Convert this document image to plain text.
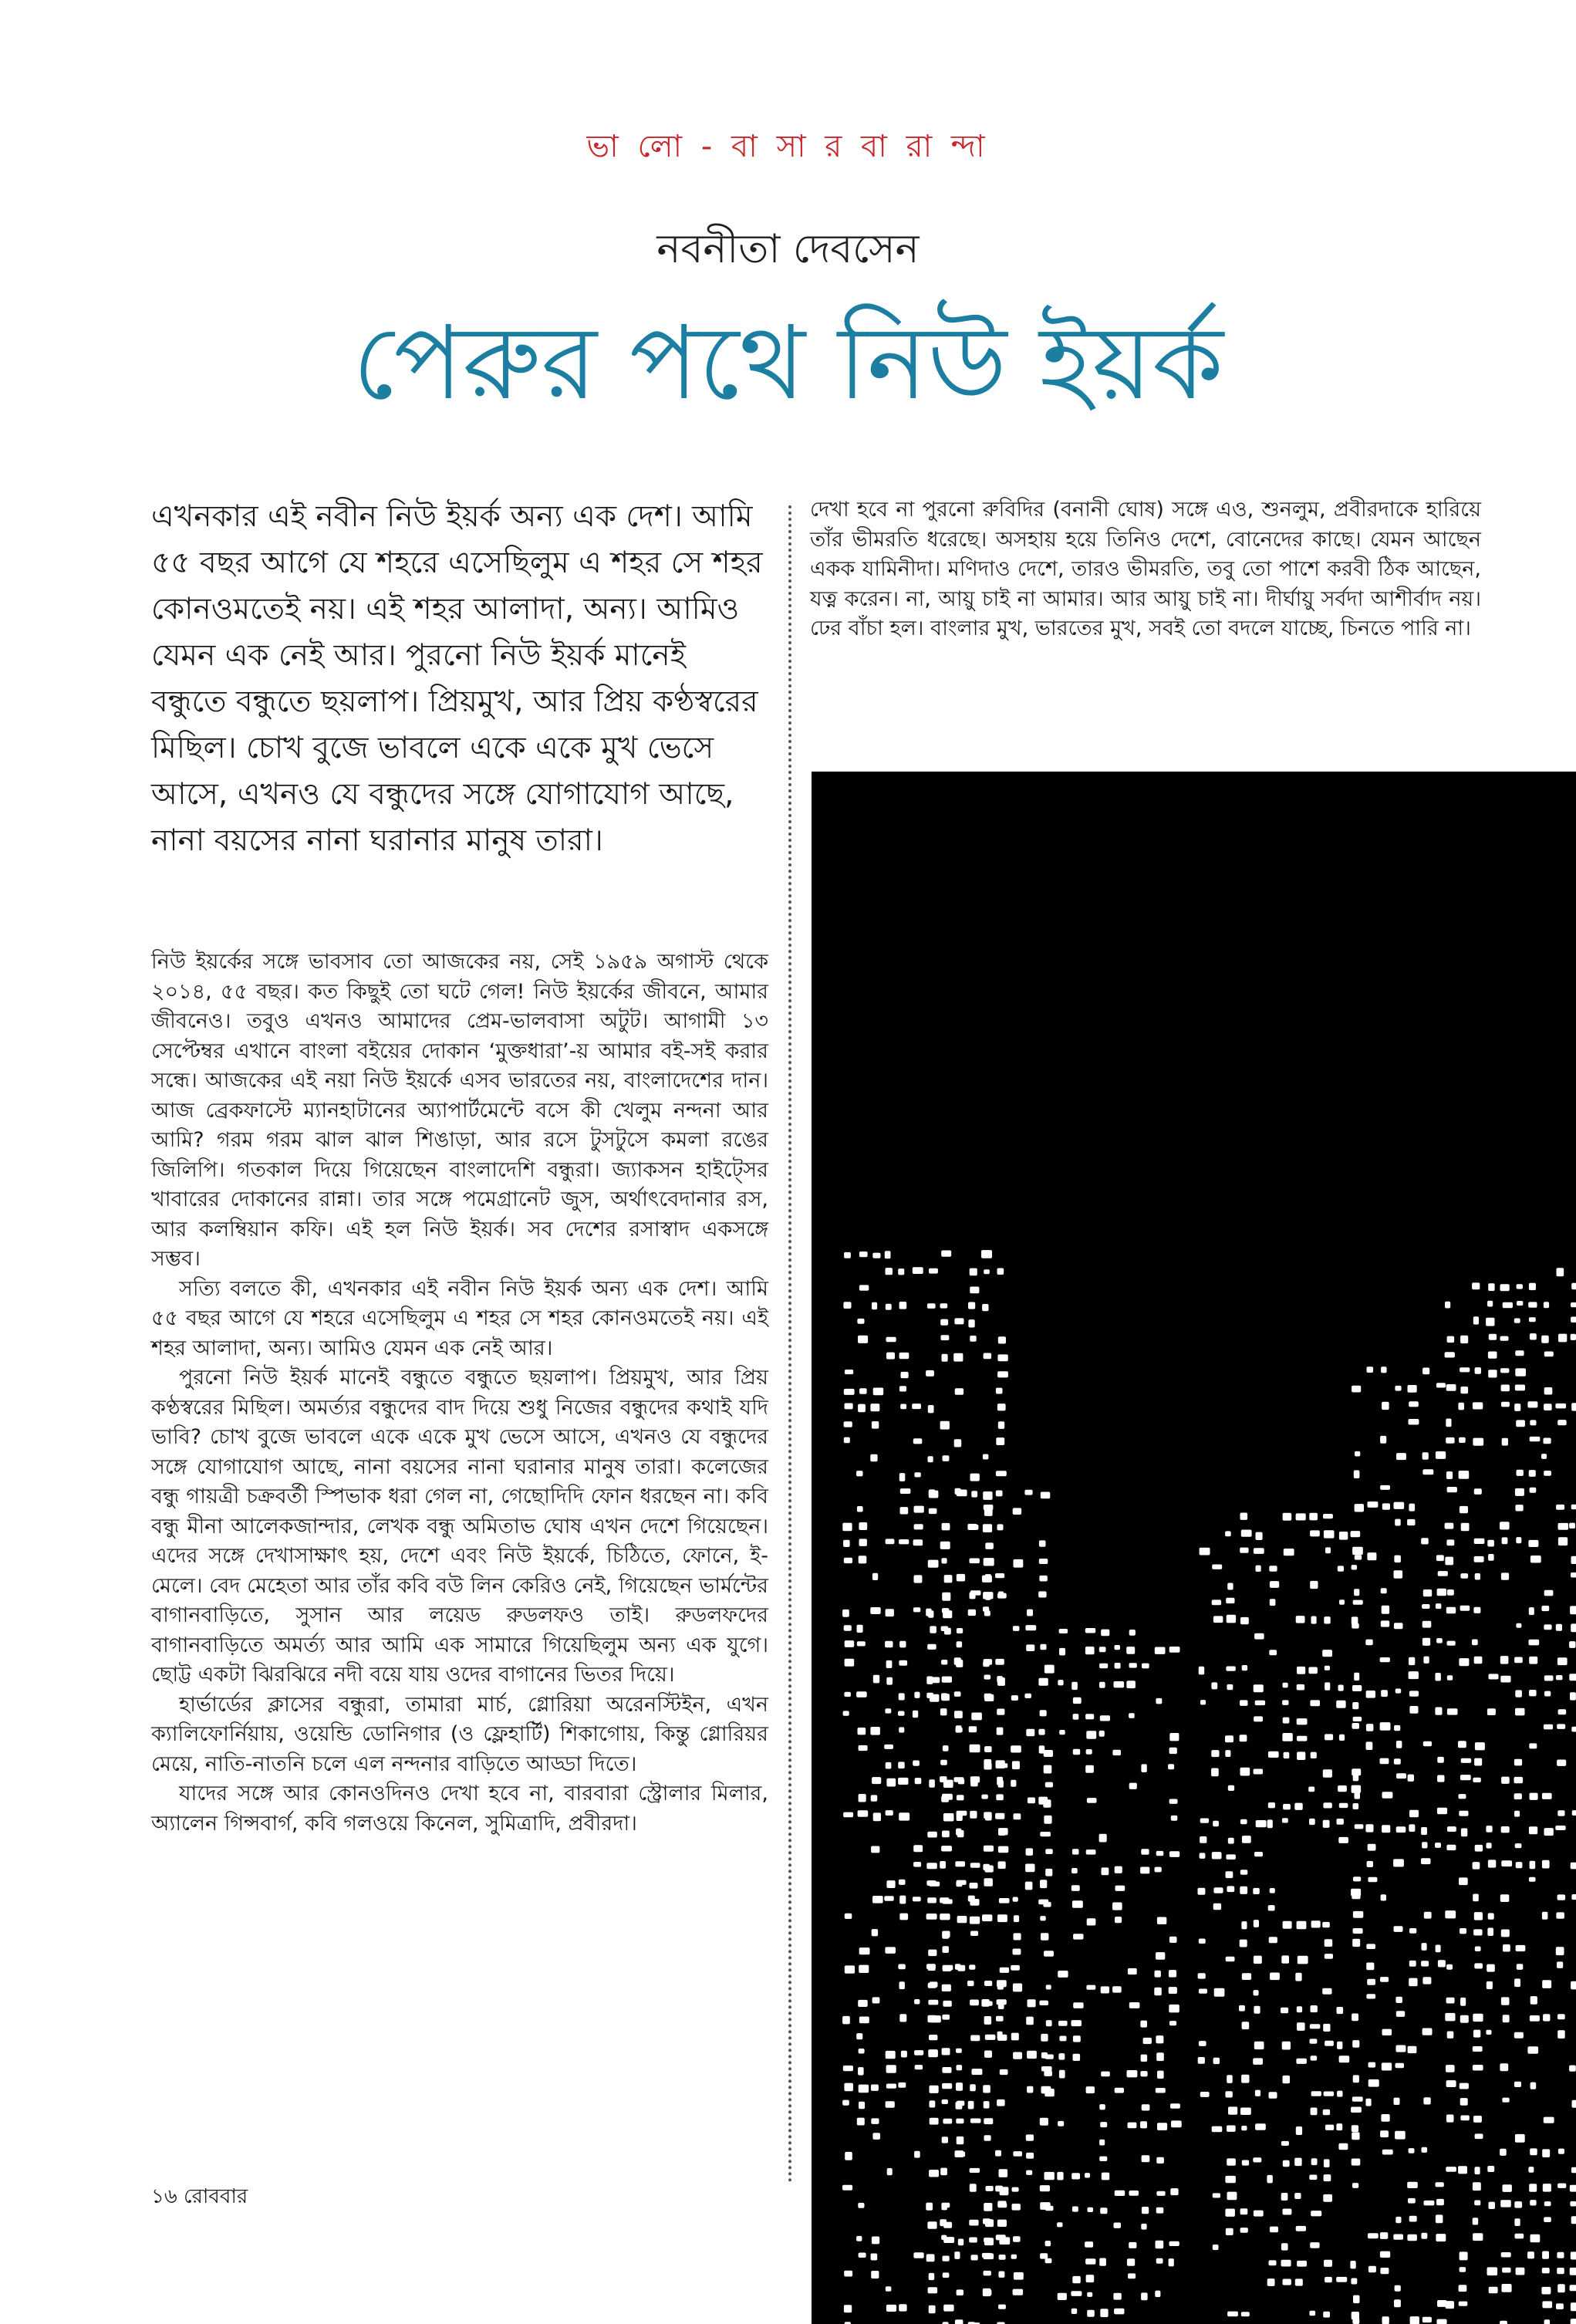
ভা লো - বা সা র বা রা ন্দা

নবনীতা দেবসেন

পেরুর পথে নিউ ইয়র্ক

এখনকার এই নবীন নিউ ইয়র্ক অন্য এক দেশ। আমি ৫৫ বছর আগে যে শহরে এসেছিলুম এ শহর সে শহর কোনওমতেই নয়। এই শহর আলাদা, অন্য। আমিও যেমন এক নেই আর। পুরনো নিউ ইয়র্ক মানেই বন্ধুতে বন্ধুতে ছয়লাপ। প্রিয়মুখ, আর প্রিয় কণ্ঠস্বরের মিছিল। চোখ বুজে ভাবলে একে একে মুখ ভেসে আসে, এখনও যে বন্ধুদের সঙ্গে যোগাযোগ আছে, নানা বয়সের নানা ঘরানার মানুষ তারা।

নিউ ইয়র্কের সঙ্গে ভাবসাব তো আজকের নয়, সেই ১৯৫৯ অগাস্ট থেকে ২০১৪, ৫৫ বছর। কত কিছুই তো ঘটে গেল! নিউ ইয়র্কের জীবনে, আমার জীবনেও। তবুও এখনও আমাদের প্রেম-ভালবাসা অটুট। আগামী ১৩ সেপ্টেম্বর এখানে বাংলা বইয়ের দোকান ‘মুক্তধারা’-য় আমার বই-সই করার সন্ধে। আজকের এই নয়া নিউ ইয়র্কে এসব ভারতের নয়, বাংলাদেশের দান। আজ ব্রেকফাস্টে ম্যানহাটানের অ্যাপার্টমেন্টে বসে কী খেলুম নন্দনা আর আমি? গরম গরম ঝাল ঝাল শিঙাড়া, আর রসে টুসটুসে কমলা রঙের জিলিপি। গতকাল দিয়ে গিয়েছেন বাংলাদেশি বন্ধুরা। জ্যাকসন হাইট্সের খাবারের দোকানের রান্না। তার সঙ্গে পমেগ্রানেট জুস, অর্থাৎবেদানার রস, আর কলম্বিয়ান কফি। এই হল নিউ ইয়র্ক। সব দেশের রসাস্বাদ একসঙ্গে সম্ভব।

সত্যি বলতে কী, এখনকার এই নবীন নিউ ইয়র্ক অন্য এক দেশ। আমি ৫৫ বছর আগে যে শহরে এসেছিলুম এ শহর সে শহর কোনওমতেই নয়। এই শহর আলাদা, অন্য। আমিও যেমন এক নেই আর।

পুরনো নিউ ইয়র্ক মানেই বন্ধুতে বন্ধুতে ছয়লাপ। প্রিয়মুখ, আর প্রিয় কণ্ঠস্বরের মিছিল। অমর্ত্যর বন্ধুদের বাদ দিয়ে শুধু নিজের বন্ধুদের কথাই যদি ভাবি? চোখ বুজে ভাবলে একে একে মুখ ভেসে আসে, এখনও যে বন্ধুদের সঙ্গে যোগাযোগ আছে, নানা বয়সের নানা ঘরানার মানুষ তারা। কলেজের বন্ধু গায়ত্রী চক্রবর্তী স্পিভাক ধরা গেল না, গেছোদিদি ফোন ধরছেন না। কবি বন্ধু মীনা আলেকজান্দার, লেখক বন্ধু অমিতাভ ঘোষ এখন দেশে গিয়েছেন। এদের সঙ্গে দেখাসাক্ষাৎ হয়, দেশে এবং নিউ ইয়র্কে, চিঠিতে, ফোনে, ই-মেলে। বেদ মেহেতা আর তাঁর কবি বউ লিন কেরিও নেই, গিয়েছেন ভার্মন্টের বাগানবাড়িতে, সুসান আর লয়েড রুডলফও তাই। রুডলফদের বাগানবাড়িতে অমর্ত্য আর আমি এক সামারে গিয়েছিলুম অন্য এক যুগে। ছোট্ট একটা ঝিরঝিরে নদী বয়ে যায় ওদের বাগানের ভিতর দিয়ে।

হার্ভার্ডের ক্লাসের বন্ধুরা, তামারা মার্চ, গ্লোরিয়া অরেনস্টিইন, এখন ক্যালিফোর্নিয়ায়, ওয়েন্ডি ডোনিগার (ও ফ্লেহার্টি) শিকাগোয়, কিন্তু গ্লোরিয়র মেয়ে, নাতি-নাতনি চলে এল নন্দনার বাড়িতে আড্ডা দিতে।

যাদের সঙ্গে আর কোনওদিনও দেখা হবে না, বারবারা স্ট্রোলার মিলার, অ্যালেন গিন্সবার্গ, কবি গলওয়ে কিনেল, সুমিত্রাদি, প্রবীরদা।

দেখা হবে না পুরনো রুবিদির (বনানী ঘোষ) সঙ্গে এও, শুনলুম, প্রবীরদাকে হারিয়ে তাঁর ভীমরতি ধরেছে। অসহায় হয়ে তিনিও দেশে, বোনেদের কাছে। যেমন আছেন একক যামিনীদা। মণিদাও দেশে, তারও ভীমরতি, তবু তো পাশে করবী ঠিক আছেন, যত্ন করেন। না, আয়ু চাই না আমার। আর আয়ু চাই না। দীর্ঘায়ু সর্বদা আশীর্বাদ নয়। ঢের বাঁচা হল। বাংলার মুখ, ভারতের মুখ, সবই তো বদলে যাচ্ছে, চিনতে পারি না।

১৬ রোববার
